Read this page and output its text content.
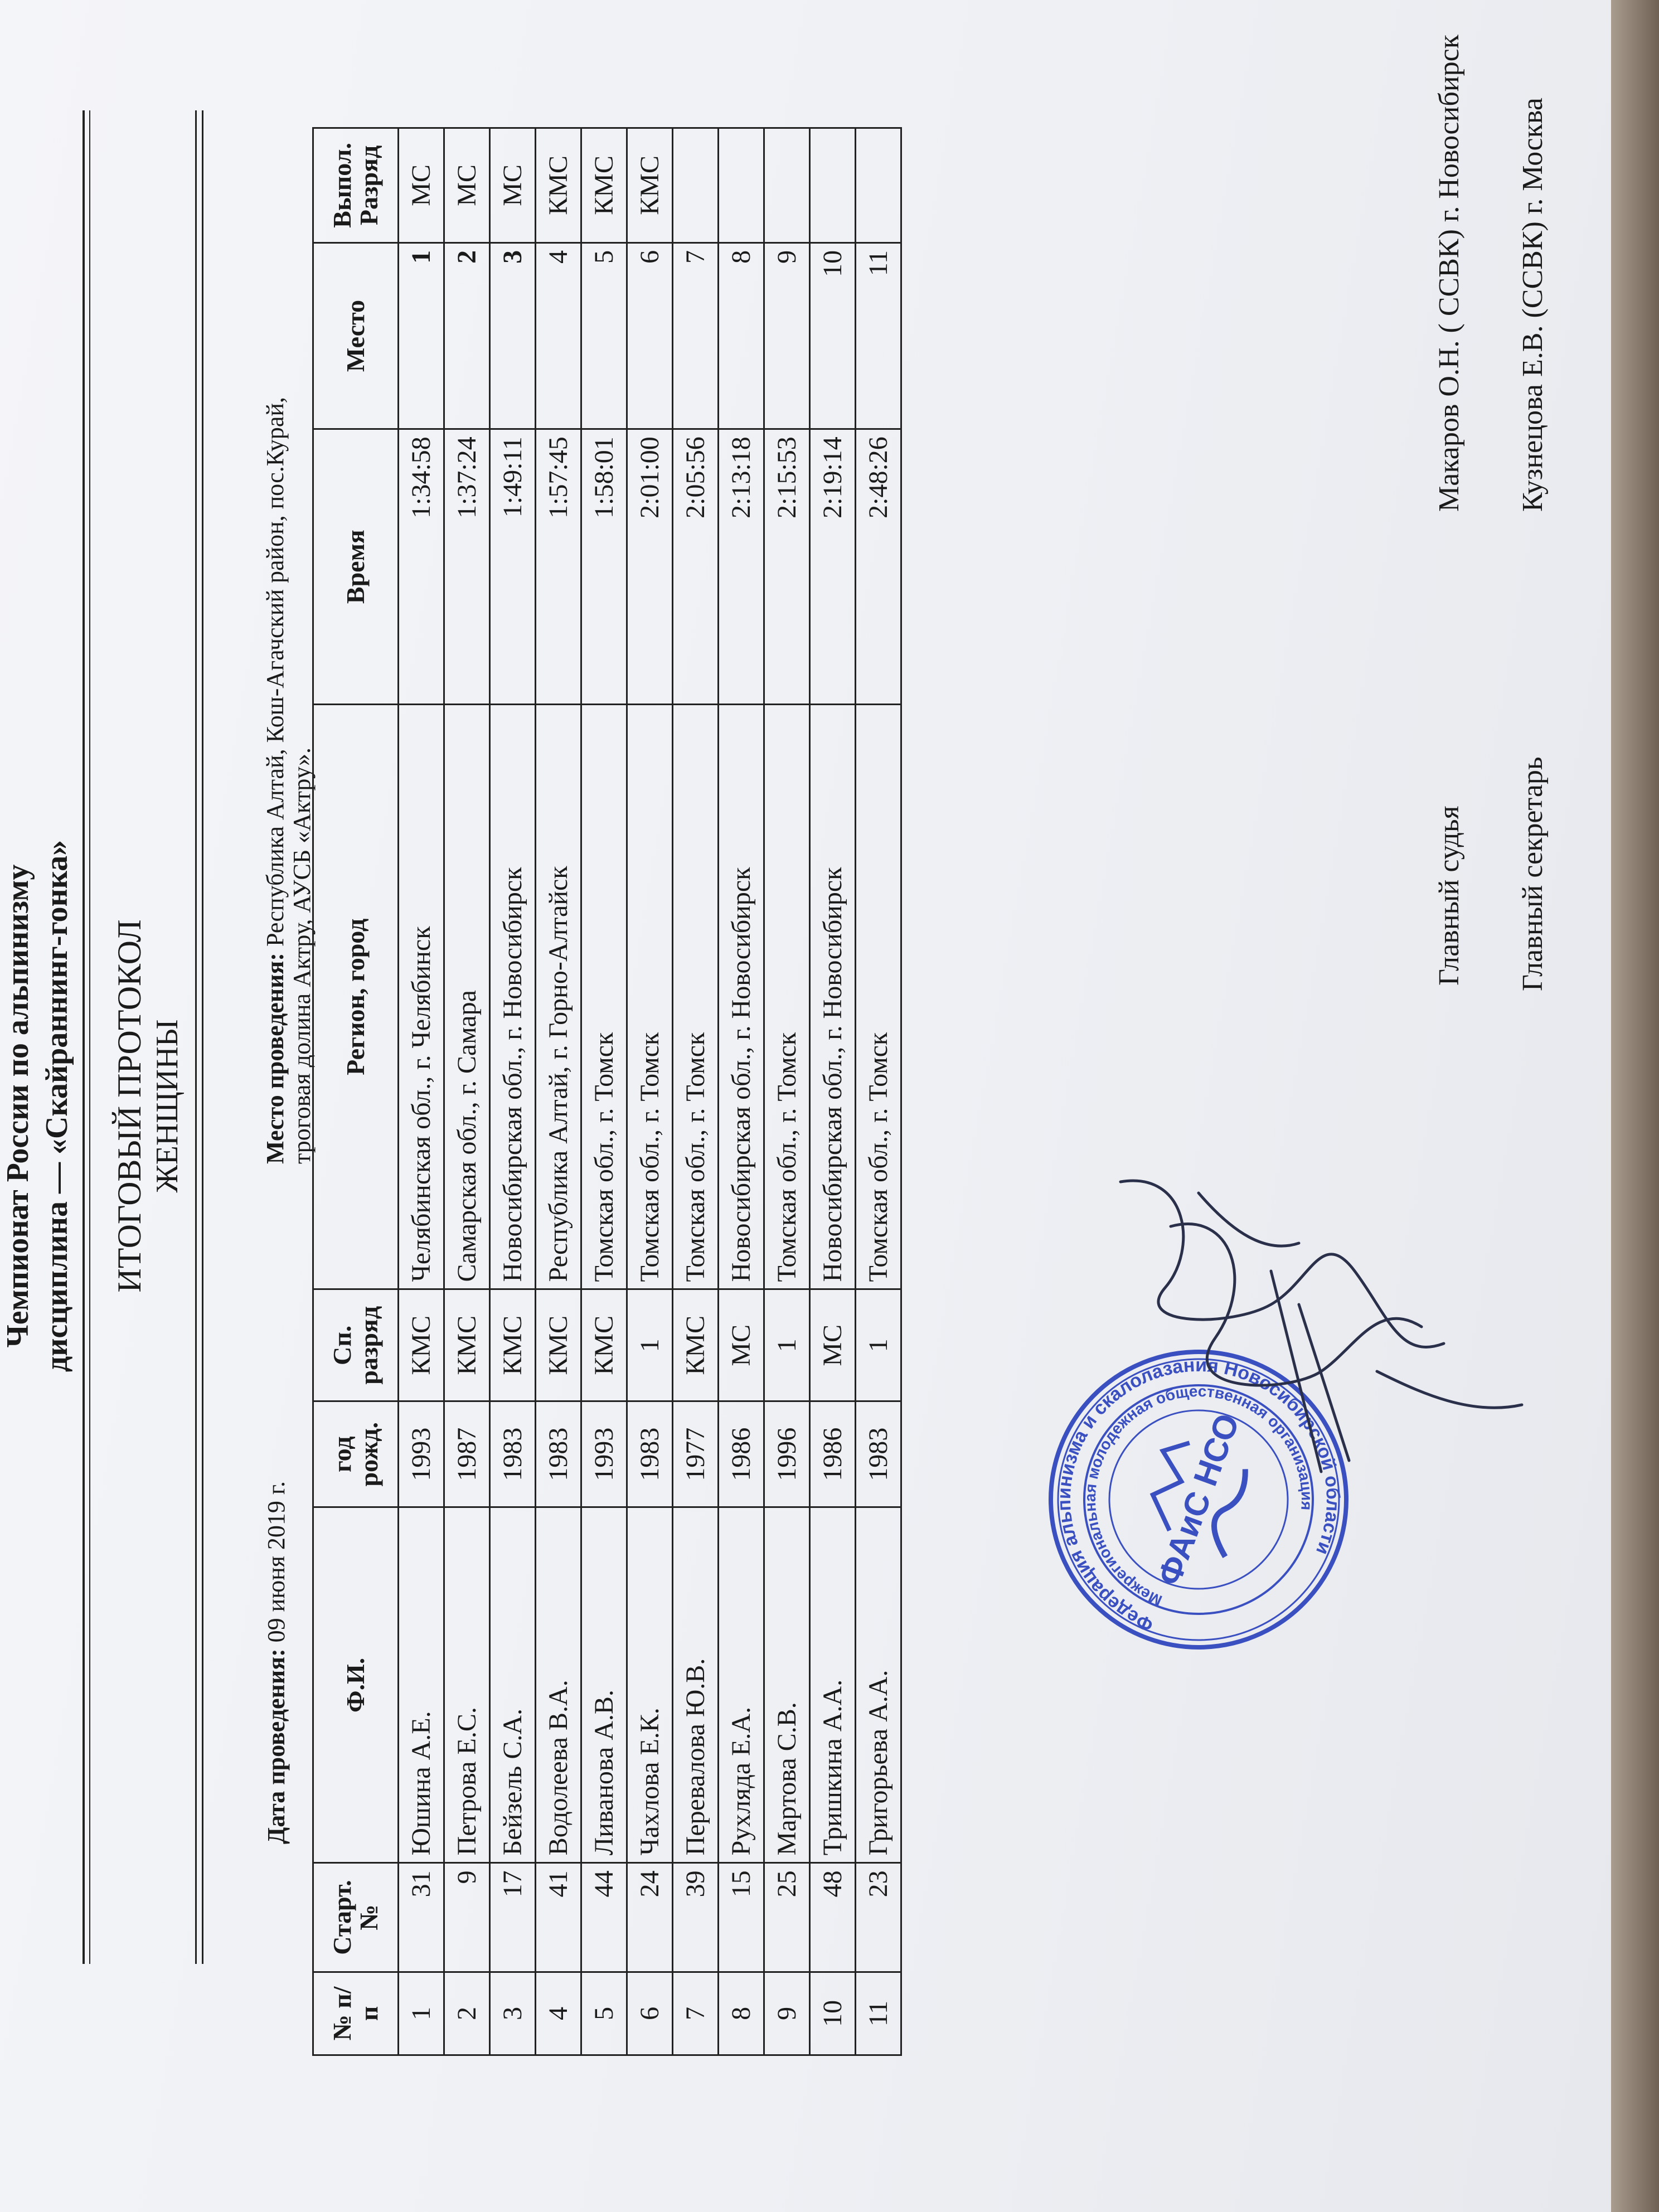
Чемпионат России по альпинизму дисциплина — «Скайраннинг-гонка» ИТОГОВЫЙ ПРОТОКОЛ ЖЕНЩИНЫ
Дата проведения: 09 июня 2019 г.
Место проведения: Республика Алтай, Кош-Агачский район, пос.Курай,
троговая долина Актру, АУСБ «Актру».
№ п/п	Старт. №	Ф.И.	год рожд.	Сп. разряд	Регион, город	Время	Место	Выпол. Разряд
1	31	Юшина А.Е.	1993	КМС	Челябинская обл., г. Челябинск	1:34:58	1	МС
2	9	Петрова Е.С.	1987	КМС	Самарская обл., г. Самара	1:37:24	2	МС
3	17	Бейзель С.А.	1983	КМС	Новосибирская обл., г. Новосибирск	1:49:11	3	МС
4	41	Водолеева В.А.	1983	КМС	Республика Алтай, г. Горно-Алтайск	1:57:45	4	КМС
5	44	Ливанова А.В.	1993	КМС	Томская обл., г. Томск	1:58:01	5	КМС
6	24	Чахлова Е.К.	1983	1	Томская обл., г. Томск	2:01:00	6	КМС
7	39	Перевалова Ю.В.	1977	КМС	Томская обл., г. Томск	2:05:56	7	
8	15	Рухляда Е.А.	1986	МС	Новосибирская обл., г. Новосибирск	2:13:18	8	
9	25	Мартова С.В.	1996	1	Томская обл., г. Томск	2:15:53	9	
10	48	Тришкина А.А.	1986	МС	Новосибирская обл., г. Новосибирск	2:19:14	10	
11	23	Григорьева А.А.	1983	1	Томская обл., г. Томск	2:48:26	11	
Главный судья
Макаров О.Н. ( ССВК) г. Новосибирск
Главный секретарь
Кузнецова Е.В. (ССВК) г. Москва
Федерация альпинизма и скалолазания Новосибирской области
Межрегиональная молодежная общественная организация
ФАиС НСО
